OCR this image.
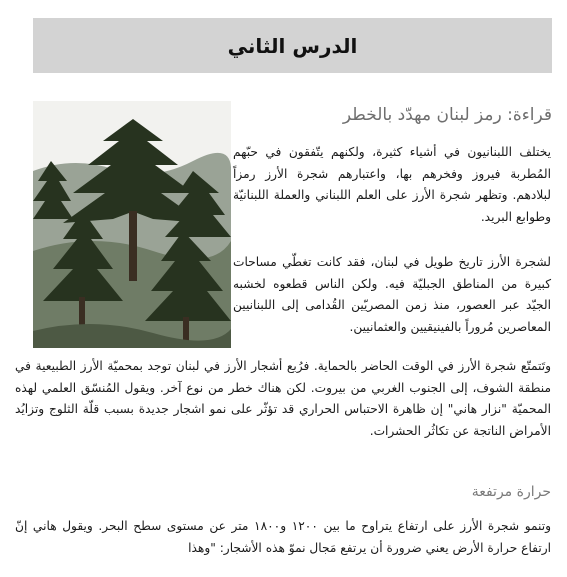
الدرس الثاني
قراءة: رمز لبنان مهدّد بالخطر

يختلف اللبنانيون في أشياء كثيرة، ولكنهم يتّفقون في حبّهم المُطربة فيروز وفخرهم بها، واعتبارهم شجرة الأرز رمزاً لبلادهم. وتظهر شجرة الأرز على العلم اللبناني والعملة اللبنانيّة وطوابع البريد.

لشجرة الأرز تاريخ طويل في لبنان، فقد كانت تغطّي مساحات كبيرة من المناطق الجبليّة فيه. ولكن الناس قطعوه لخشبه الجيّد عبر العصور، منذ زمن المصريّين القُدامى إلى اللبنانيين المعاصرين مُروراً بالفينيقيين والعثمانيين.

وتَتمتّع شجرة الأرز في الوقت الحاضر بالحماية. فرُبع أشجار الأرز في لبنان توجد بمحميّة الأرز الطبيعية في منطقة الشوف، إلى الجنوب الغربي من بيروت. لكن هناك خطر من نوع آخر. ويقول المُنسّق العلمي لهذه المحميّة "نزار هاني" إن ظاهرة الاحتباس الحراري قد تؤثّر على نمو اشجار جديدة بسبب قلّة الثلوج وتزايُد الأمراض الناتجة عن تكاثُر الحشرات.

حرارة مرتفعة

وتنمو شجرة الأرز على ارتفاع يتراوح ما بين ١٢٠٠ و١٨٠٠ متر عن مستوى سطح البحر. ويقول هاني إنّ ارتفاع حرارة الأرض يعني ضرورة أن يرتفع مَجال نموّ هذه الأشجار: "وهذا
